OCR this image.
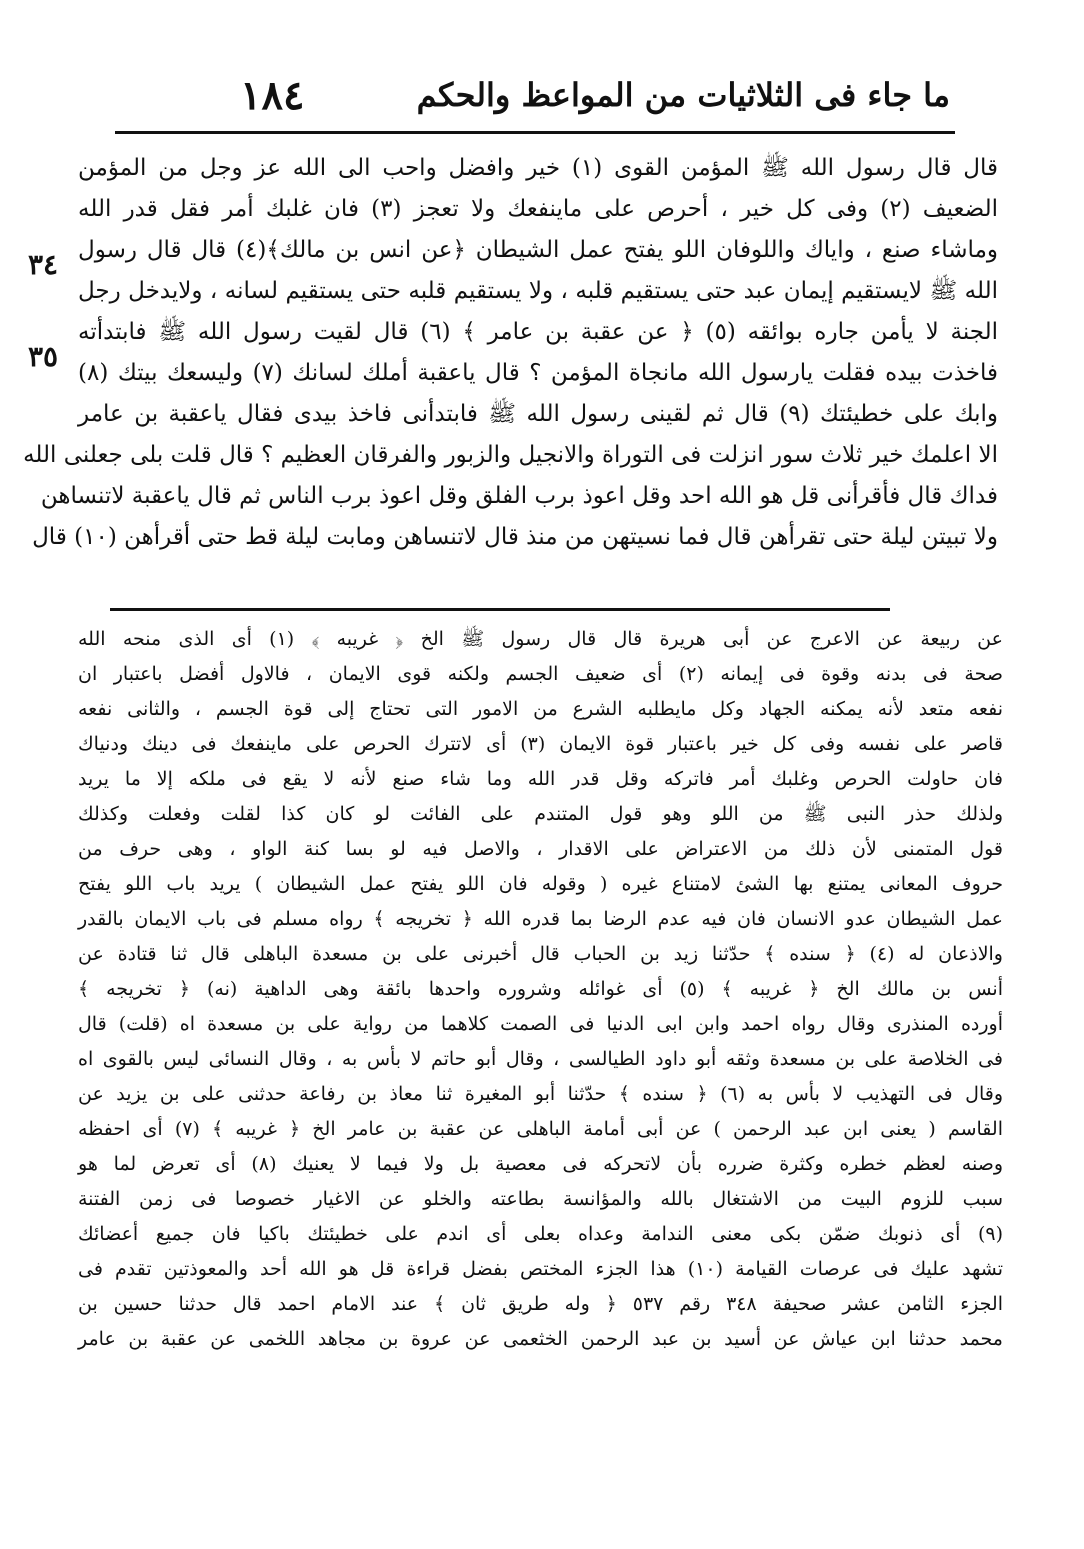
١٨٤	ما جاء فى الثلاثيات من المواعظ والحكم
٣٤
٣٥
قال قال رسول الله ﷺ المؤمن القوى (١) خير وافضل واحب الى الله عز وجل من المؤمن
الضعيف (٢) وفى كل خير ، أحرص على ماينفعك ولا تعجز (٣) فان غلبك أمر فقل قدر الله
وماشاء صنع ، واياك واللوفان اللو يفتح عمل الشيطان ﴿عن انس بن مالك﴾(٤) قال قال رسول
الله ﷺ لايستقيم إيمان عبد حتى يستقيم قلبه ، ولا يستقيم قلبه حتى يستقيم لسانه ، ولايدخل رجل
الجنة لا يأمن جاره بوائقه (٥) ﴿ عن عقبة بن عامر ﴾ (٦) قال لقيت رسول الله ﷺ فابتدأته
فاخذت بيده فقلت يارسول الله مانجاة المؤمن ؟ قال ياعقبة أملك لسانك (٧) وليسعك بيتك (٨)
وابك على خطيئتك (٩) قال ثم لقينى رسول الله ﷺ فابتدأنى فاخذ بيدى فقال ياعقبة بن عامر
الا اعلمك خير ثلاث سور انزلت فى التوراة والانجيل والزبور والفرقان العظيم ؟ قال قلت بلى جعلنى الله
فداك قال فأقرأنى قل هو الله احد وقل اعوذ برب الفلق وقل اعوذ برب الناس ثم قال ياعقبة لاتنساهن
ولا تبيتن ليلة حتى تقرأهن قال فما نسيتهن من منذ قال لاتنساهن ومابت ليلة قط حتى أقرأهن (١٠) قال
عن ربيعة عن الاعرج عن أبى هريرة قال قال رسول ﷺ الخ ﴿ غريبه ﴾ (١) أى الذى منحه الله
صحة فى بدنه وقوة فى إيمانه (٢) أى ضعيف الجسم ولكنه قوى الايمان ، فالاول أفضل باعتبار ان
نفعه متعد لأنه يمكنه الجهاد وكل مايطلبه الشرع من الامور التى تحتاج إلى قوة الجسم ، والثانى نفعه
قاصر على نفسه وفى كل خير باعتبار قوة الايمان (٣) أى لاتترك الحرص على ماينفعك فى دينك ودنياك
فان حاولت الحرص وغلبك أمر فاتركه وقل قدر الله وما شاء صنع لأنه لا يقع فى ملكه إلا ما يريد
ولذلك حذر النبى ﷺ من اللو وهو قول المتندم على الفائت لو كان كذا لقلت وفعلت وكذلك
قول المتمنى لأن ذلك من الاعتراض على الاقدار ، والاصل فيه لو بسا كنة الواو ، وهى حرف من
حروف المعانى يمتنع بها الشئ لامتناع غيره ( وقوله فان اللو يفتح عمل الشيطان ) يريد باب اللو يفتح
عمل الشيطان عدو الانسان فان فيه عدم الرضا بما قدره الله ﴿ تخريجه ﴾ رواه مسلم فى باب الايمان بالقدر
والاذعان له (٤) ﴿ سنده ﴾ حدّثنا زيد بن الحباب قال أخبرنى على بن مسعدة الباهلى قال ثنا قتادة عن
أنس بن مالك الخ ﴿ غريبه ﴾ (٥) أى غوائله وشروره واحدها بائقة وهى الداهية (نه) ﴿ تخريجه ﴾
أورده المنذرى وقال رواه احمد وابن ابى الدنيا فى الصمت كلاهما من رواية على بن مسعدة اه (قلت) قال
فى الخلاصة على بن مسعدة وثقه أبو داود الطيالسى ، وقال أبو حاتم لا بأس به ، وقال النسائى ليس بالقوى اه
وقال فى التهذيب لا بأس به (٦) ﴿ سنده ﴾ حدّثنا أبو المغيرة ثنا معاذ بن رفاعة حدثنى على بن يزيد عن
القاسم ( يعنى ابن عبد الرحمن ) عن أبى أمامة الباهلى عن عقبة بن عامر الخ ﴿ غريبه ﴾ (٧) أى احفظه
وصنه لعظم خطره وكثرة ضرره بأن لاتحركه فى معصية بل ولا فيما لا يعنيك (٨) أى تعرض لما هو
سبب للزوم البيت من الاشتغال بالله والمؤانسة بطاعته والخلو عن الاغيار خصوصا فى زمن الفتنة
(٩) أى ذنوبك ضمّن بكى معنى الندامة وعداه بعلى أى اندم على خطيئتك باكيا فان جميع أعضائك
تشهد عليك فى عرصات القيامة (١٠) هذا الجزء المختص بفضل قراءة قل هو الله أحد والمعوذتين تقدم فى
الجزء الثامن عشر صحيفة ٣٤٨ رقم ٥٣٧ ﴿ وله طريق ثان ﴾ عند الامام احمد قال حدثنا حسين بن
محمد حدثنا ابن عياش عن أسيد بن عبد الرحمن الخثعمى عن عروة بن مجاهد اللخمى عن عقبة بن عامر
